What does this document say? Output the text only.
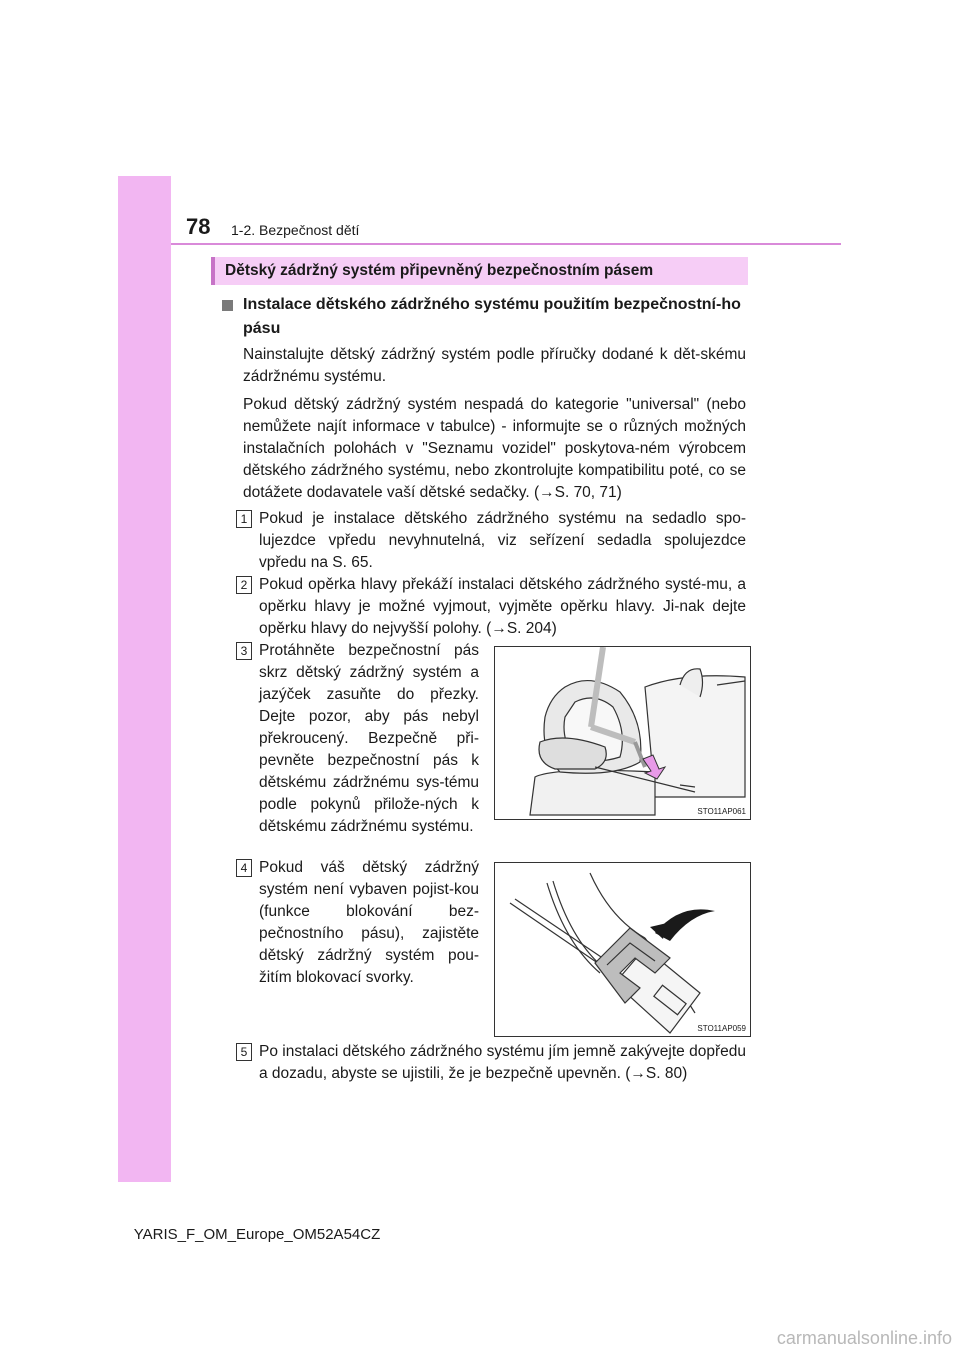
78 1-2. Bezpečnost dětí
Dětský zádržný systém připevněný bezpečnostním pásem
Instalace dětského zádržného systému použitím bezpečnostní-ho pásu
Nainstalujte dětský zádržný systém podle příručky dodané k dět-skému zádržnému systému.
Pokud dětský zádržný systém nespadá do kategorie "universal" (nebo nemůžete najít informace v tabulce) - informujte se o různých možných instalačních polohách v "Seznamu vozidel" poskytova-ném výrobcem dětského zádržného systému, nebo zkontrolujte kompatibilitu poté, co se dotážete dodavatele vaší dětské sedačky. (→S. 70, 71)
1 Pokud je instalace dětského zádržného systému na sedadlo spo-lujezdce vpředu nevyhnutelná, viz seřízení sedadla spolujezdce vpředu na S. 65.
2 Pokud opěrka hlavy překáží instalaci dětského zádržného systé-mu, a opěrku hlavy je možné vyjmout, vyjměte opěrku hlavy. Ji-nak dejte opěrku hlavy do nejvyšší polohy. (→S. 204)
3 Protáhněte bezpečnostní pás skrz dětský zádržný systém a jazýček zasuňte do přezky. Dejte pozor, aby pás nebyl překroucený. Bezpečně při-pevněte bezpečnostní pás k dětskému zádržnému sys-tému podle pokynů přilože-ných k dětskému zádržnému systému.
STO11AP061
4 Pokud váš dětský zádržný systém není vybaven pojist-kou (funkce blokování bez-pečnostního pásu), zajistěte dětský zádržný systém pou-žitím blokovací svorky.
STO11AP059
5 Po instalaci dětského zádržného systému jím jemně zakývejte dopředu a dozadu, abyste se ujistili, že je bezpečně upevněn. (→S. 80)
YARIS_F_OM_Europe_OM52A54CZ
carmanualsonline.info
